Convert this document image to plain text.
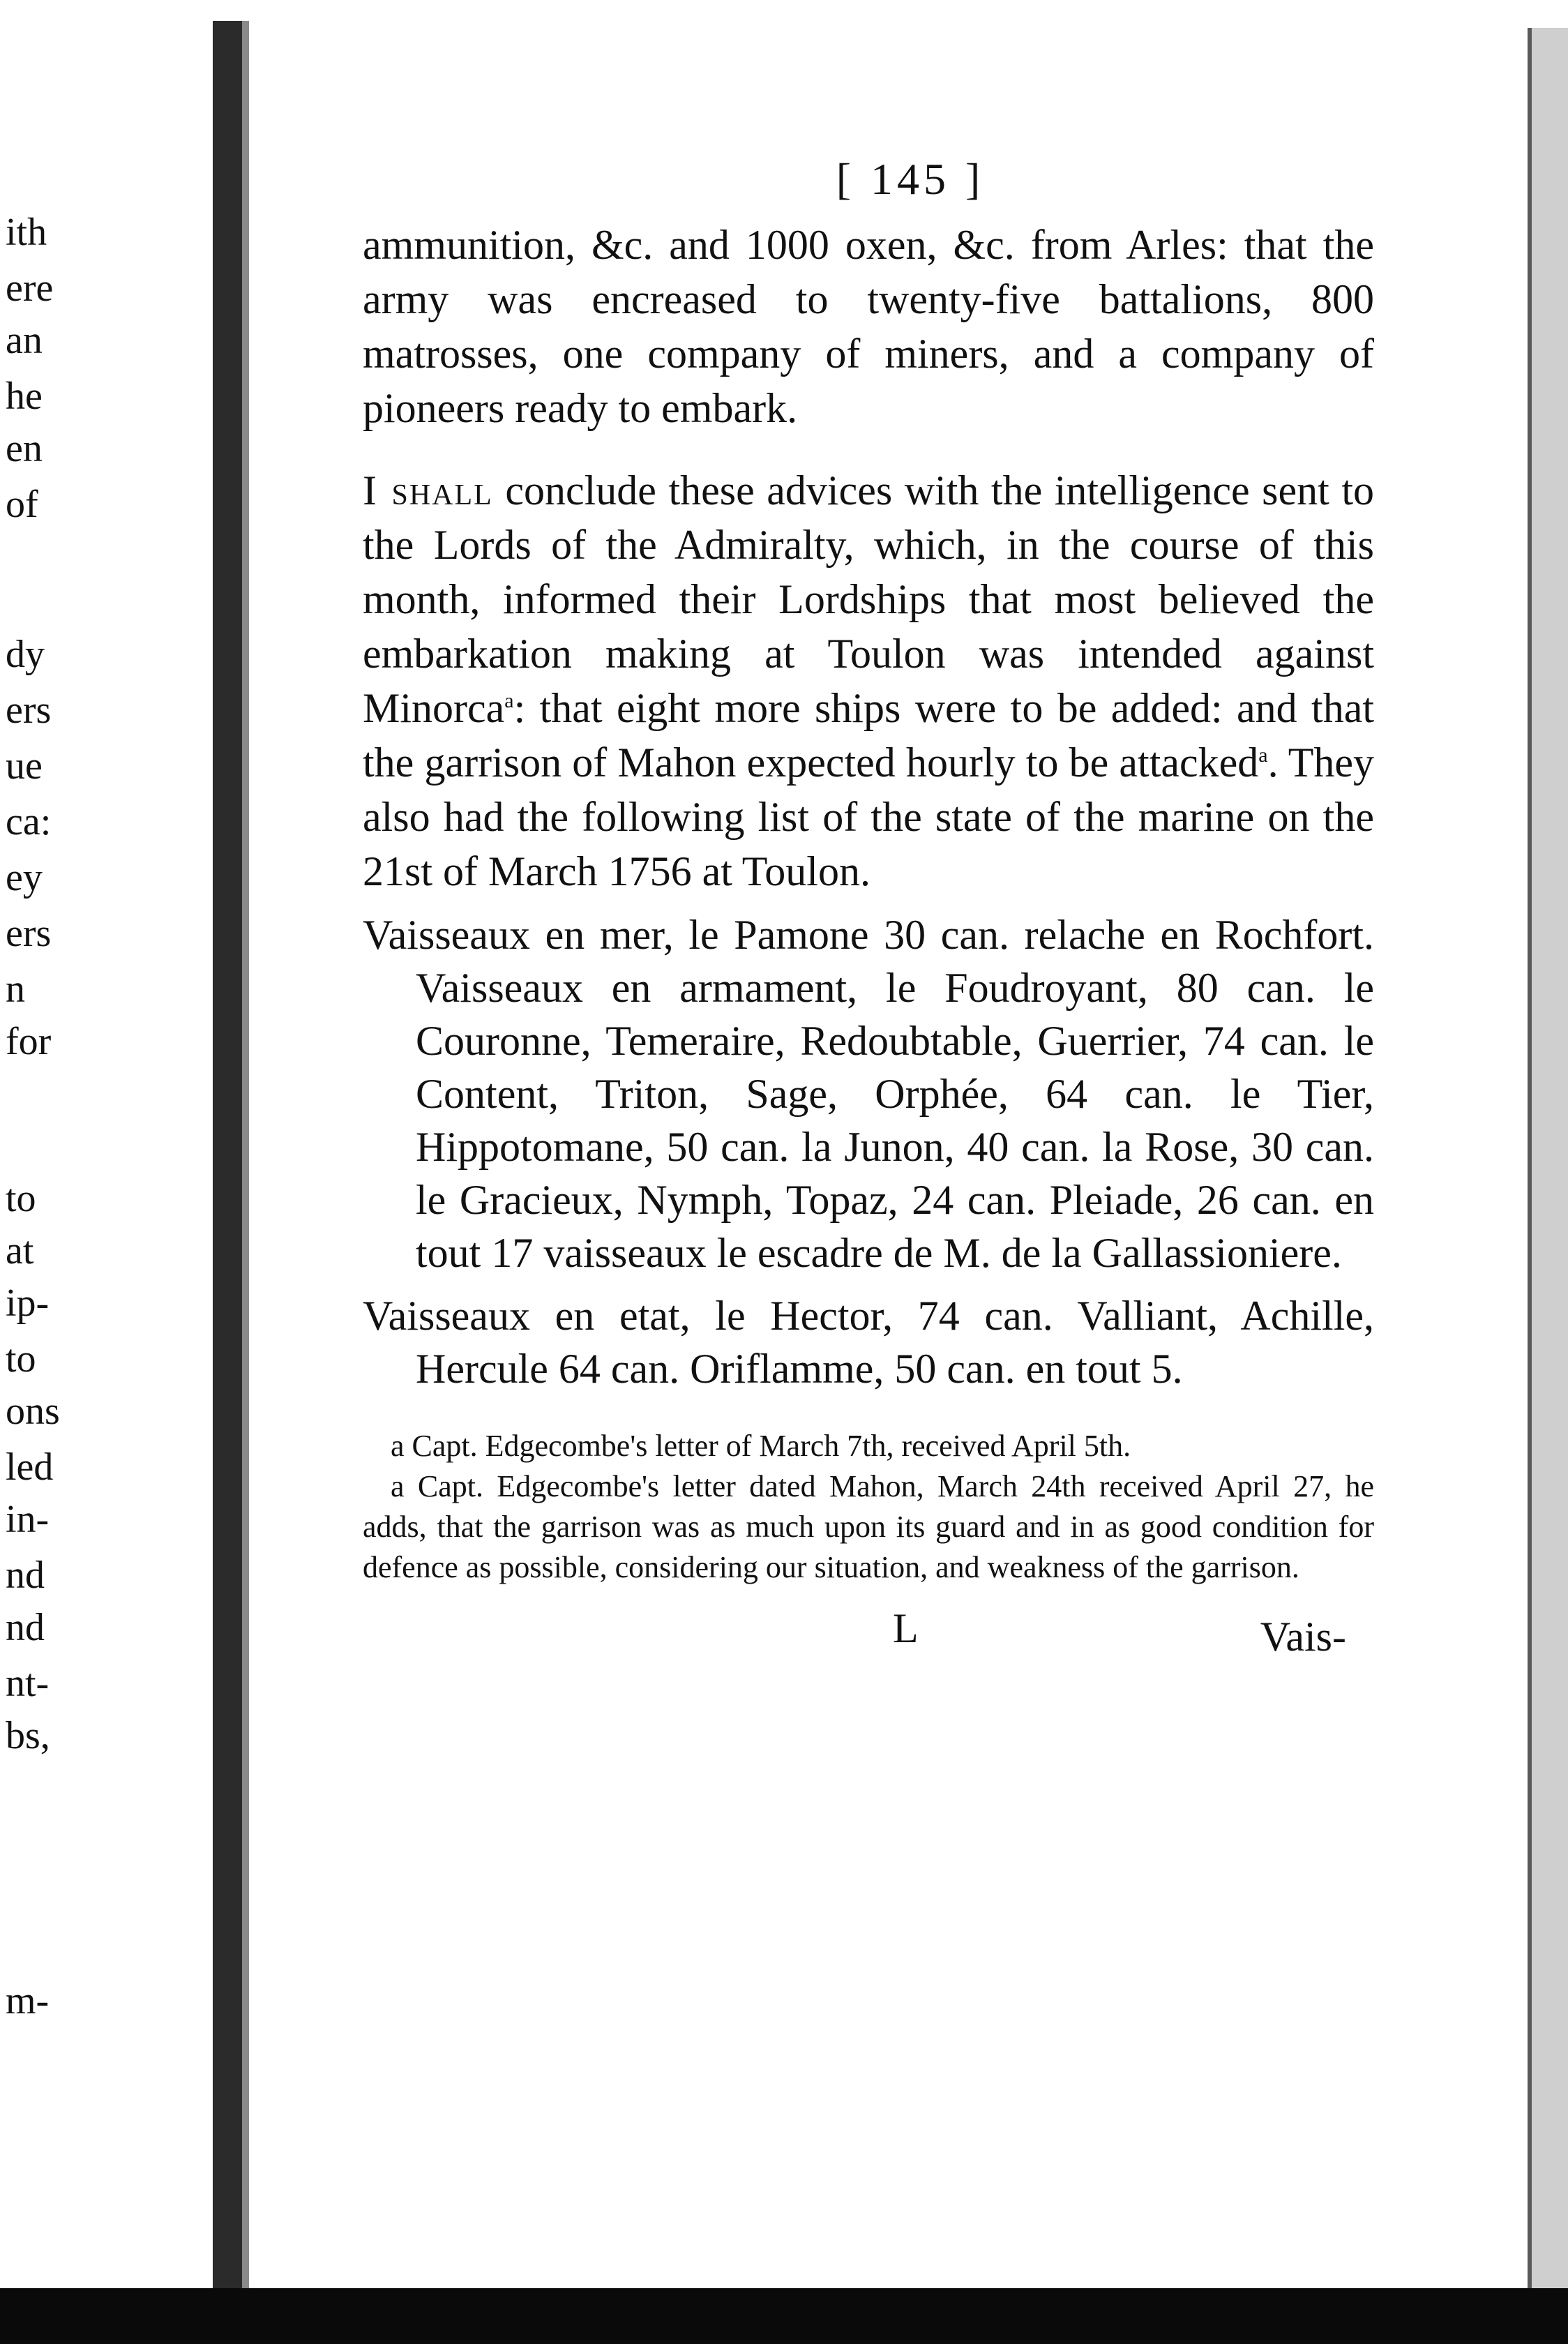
ith
ere
an
he
en
of
dy
ers
ue
ca:
ey
ers
n
for
to
at
ip-
to
ons
led
in-
nd
nd
nt-
bs,
m-
[ 145 ]

ammunition, &c. and 1000 oxen, &c. from Arles: that the army was encreased to twenty-five battalions, 800 matrosses, one company of miners, and a company of pioneers ready to embark.

I shall conclude these advices with the intelligence sent to the Lords of the Admiralty, which, in the course of this month, informed their Lordships that most believed the embarkation making at Toulon was intended against Minorca$^a$: that eight more ships were to be added: and that the garrison of Mahon expected hourly to be attacked$^a$. They also had the following list of the state of the marine on the 21st of March 1756 at Toulon.

Vaisseaux en mer, le Pamone 30 can. relache en Rochfort. Vaisseaux en armament, le Foudroyant, 80 can. le Couronne, Temeraire, Redoubtable, Guerrier, 74 can. le Content, Triton, Sage, Orphée, 64 can. le Tier, Hippotomane, 50 can. la Junon, 40 can. la Rose, 30 can. le Gracieux, Nymph, Topaz, 24 can. Pleiade, 26 can. en tout 17 vaisseaux le escadre de M. de la Gallassioniere.

Vaisseaux en etat, le Hector, 74 can. Valliant, Achille, Hercule 64 can. Oriflamme, 50 can. en tout 5.

a Capt. Edgecombe's letter of March 7th, received April 5th.

a Capt. Edgecombe's letter dated Mahon, March 24th received April 27, he adds, that the garrison was as much upon its guard and in as good condition for defence as possible, considering our situation, and weakness of the garrison.

L	Vais-
